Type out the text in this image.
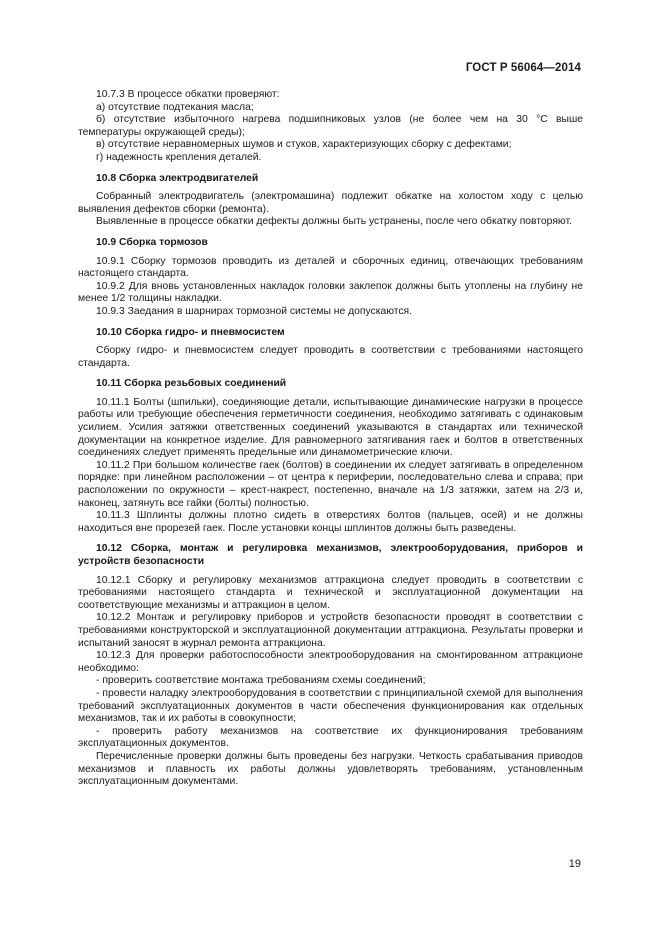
ГОСТ Р 56064—2014

10.7.3 В процессе обкатки проверяют:

а) отсутствие подтекания масла;

б) отсутствие избыточного нагрева подшипниковых узлов (не более чем на 30 °С выше температуры окружающей среды);

в) отсутствие неравномерных шумов и стуков, характеризующих сборку с дефектами;

г) надежность крепления деталей.

10.8 Сборка электродвигателей

Собранный электродвигатель (электромашина) подлежит обкатке на холостом ходу с целью выявления дефектов сборки (ремонта).

Выявленные в процессе обкатки дефекты должны быть устранены, после чего обкатку повторяют.

10.9 Сборка тормозов

10.9.1 Сборку тормозов проводить из деталей и сборочных единиц, отвечающих требованиям настоящего стандарта.

10.9.2 Для вновь установленных накладок головки заклепок должны быть утоплены на глубину не менее 1/2 толщины накладки.

10.9.3 Заедания в шарнирах тормозной системы не допускаются.

10.10 Сборка гидро- и пневмосистем

Сборку гидро- и пневмосистем следует проводить в соответствии с требованиями настоящего стандарта.

10.11 Сборка резьбовых соединений

10.11.1 Болты (шпильки), соединяющие детали, испытывающие динамические нагрузки в процессе работы или требующие обеспечения герметичности соединения, необходимо затягивать с одинаковым усилием. Усилия затяжки ответственных соединений указываются в стандартах или технической документации на конкретное изделие. Для равномерного затягивания гаек и болтов в ответственных соединениях следует применять предельные или динамометрические ключи.

10.11.2 При большом количестве гаек (болтов) в соединении их следует затягивать в определенном порядке: при линейном расположении – от центра к периферии, последовательно слева и справа; при расположении по окружности – крест-накрест, постепенно, вначале на 1/3 затяжки, затем на 2/3 и, наконец, затянуть все гайки (болты) полностью.

10.11.3 Шплинты должны плотно сидеть в отверстиях болтов (пальцев, осей) и не должны находиться вне прорезей гаек. После установки концы шплинтов должны быть разведены.

10.12 Сборка, монтаж и регулировка механизмов, электрооборудования, приборов и устройств безопасности

10.12.1 Сборку и регулировку механизмов аттракциона следует проводить в соответствии с требованиями настоящего стандарта и технической и эксплуатационной документации на соответствующие механизмы и аттракцион в целом.

10.12.2 Монтаж и регулировку приборов и устройств безопасности проводят в соответствии с требованиями конструкторской и эксплуатационной документации аттракциона. Результаты проверки и испытаний заносят в журнал ремонта аттракциона.

10.12.3 Для проверки работоспособности электрооборудования на смонтированном аттракционе необходимо:

- проверить соответствие монтажа требованиям схемы соединений;

- провести наладку электрооборудования в соответствии с принципиальной схемой для выполнения требований эксплуатационных документов в части обеспечения функционирования как отдельных механизмов, так и их работы в совокупности;

- проверить работу механизмов на соответствие их функционирования требованиям эксплуатационных документов.

Перечисленные проверки должны быть проведены без нагрузки. Четкость срабатывания приводов механизмов и плавность их работы должны удовлетворять требованиям, установленным эксплуатационным документами.

19
